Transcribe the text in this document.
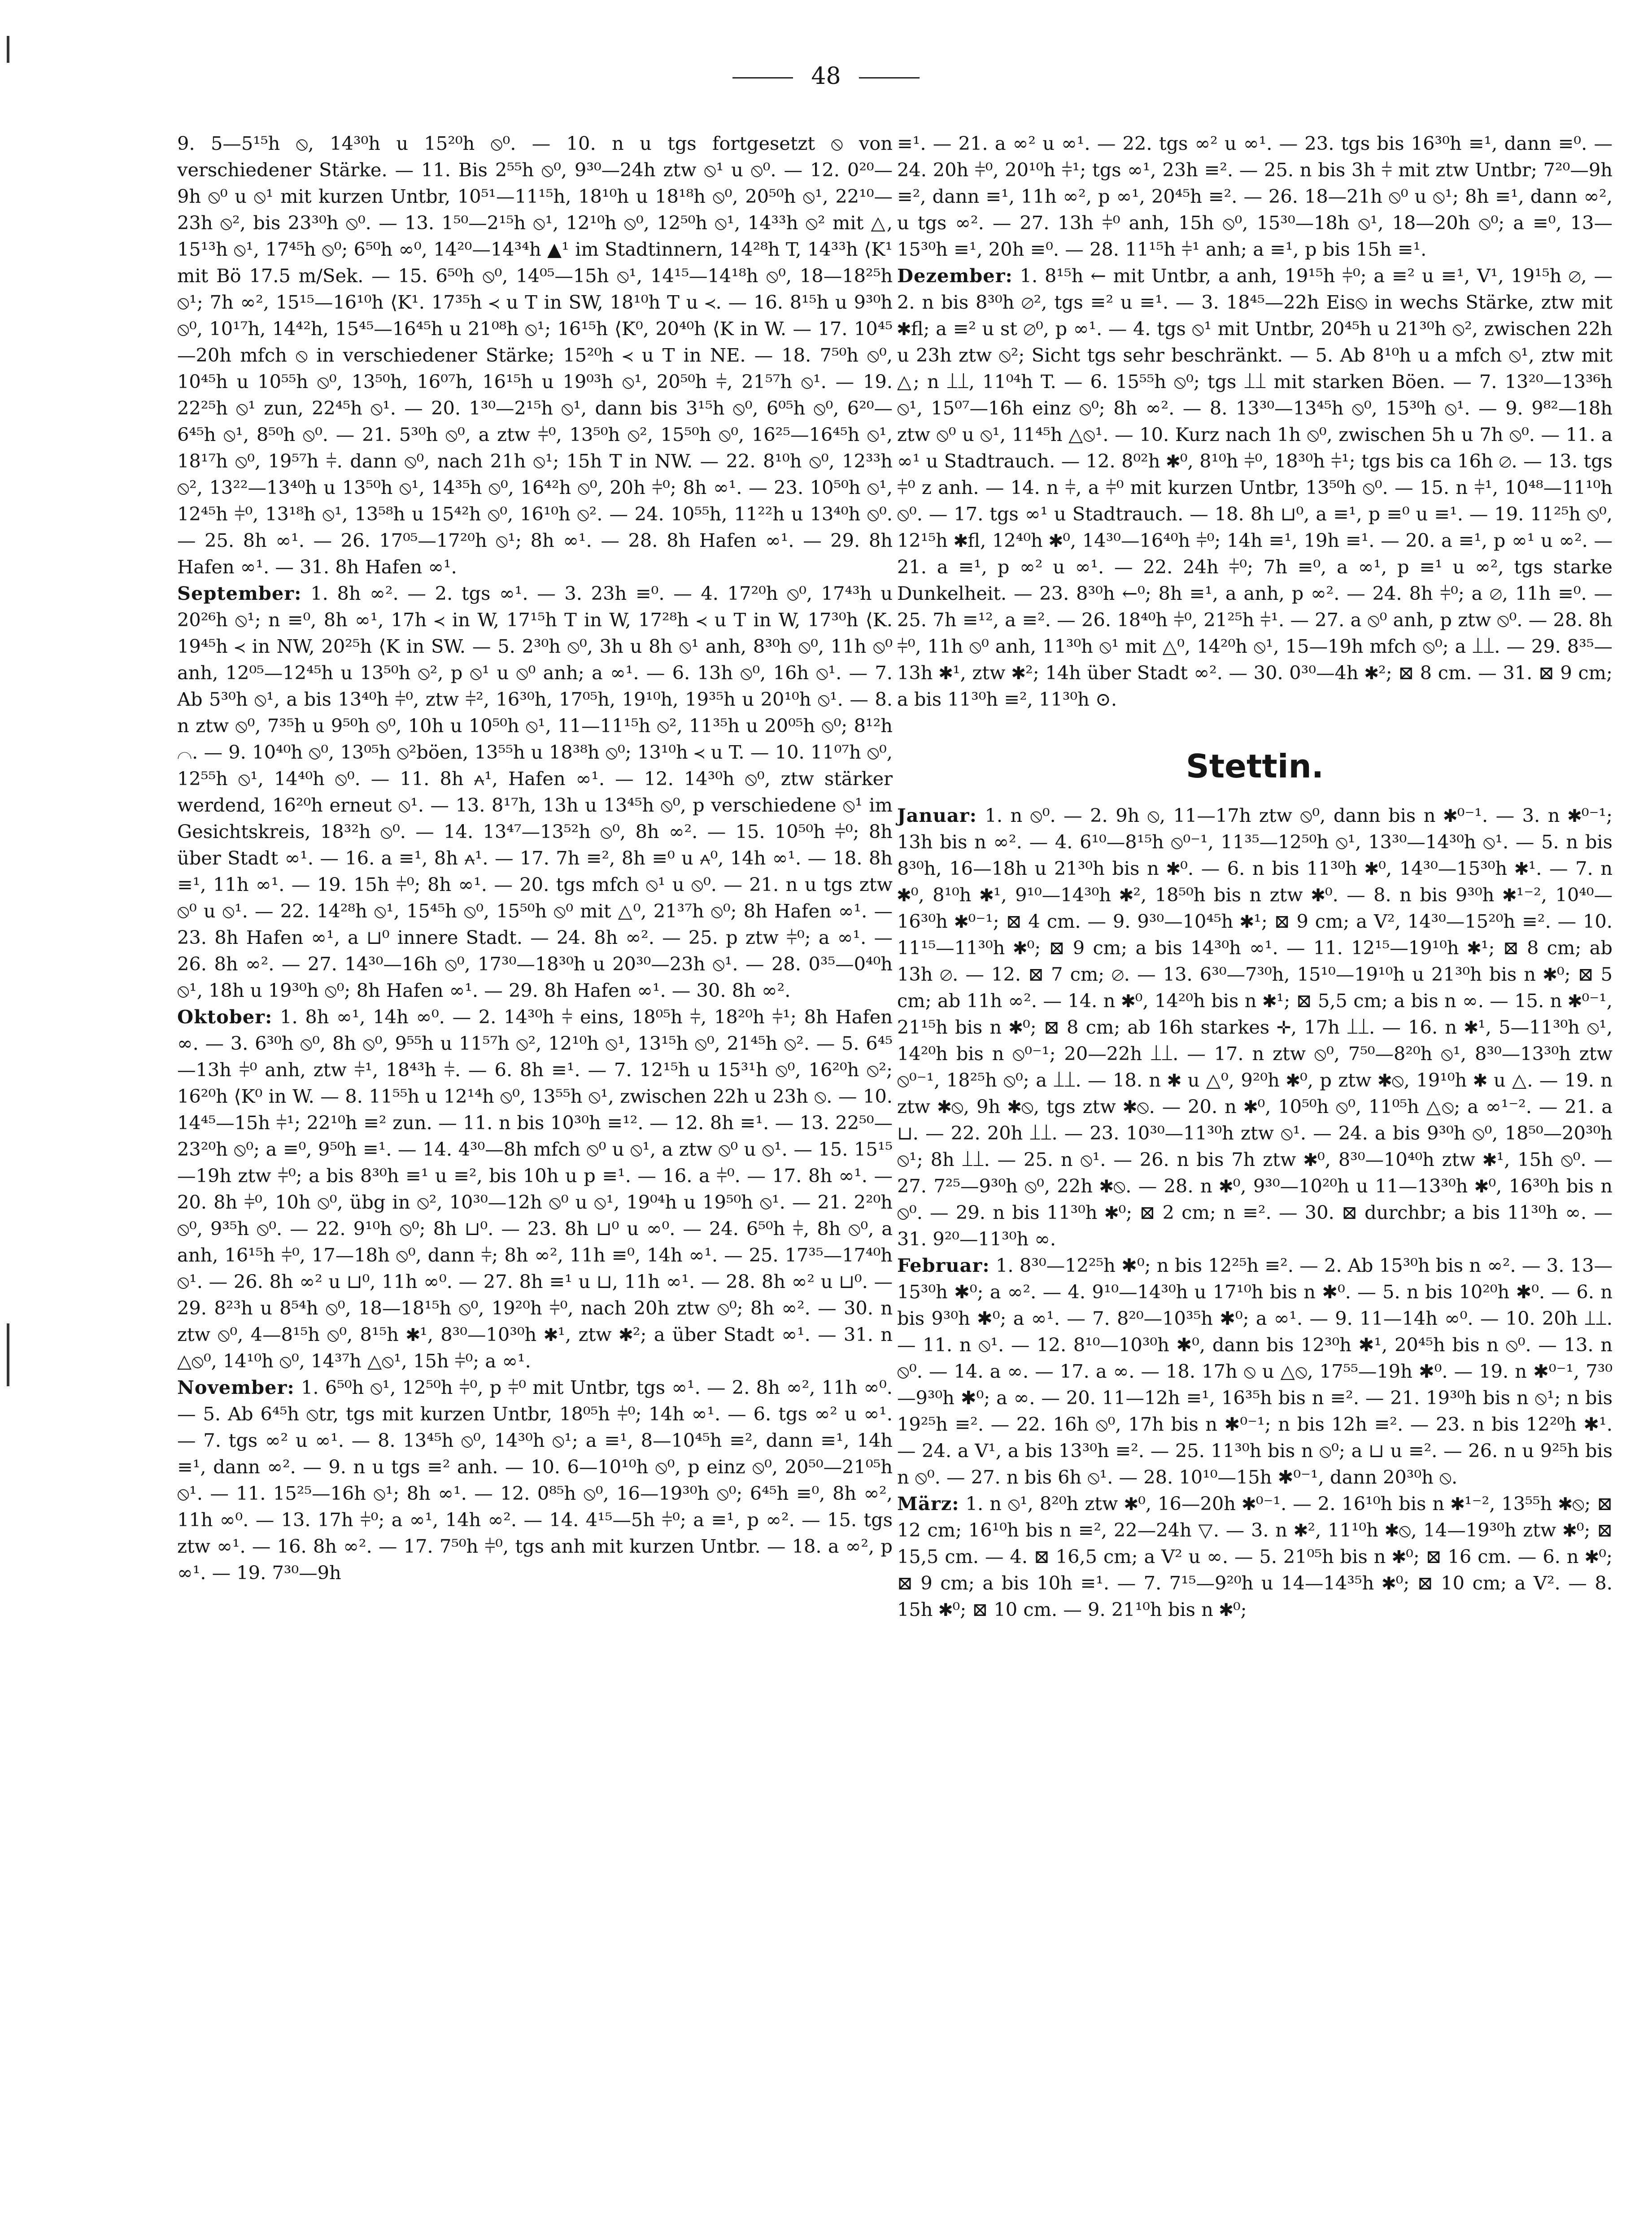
48

9. 5—5¹⁵h ⦸, 14³⁰h u 15²⁰h ⦸⁰. — 10. n u tgs fortgesetzt ⦸ von verschiedener Stärke. — 11. Bis 2⁵⁵h ⦸⁰, 9³⁰—24h ztw ⦸¹ u ⦸⁰. — 12. 0²⁰—9h ⦸⁰ u ⦸¹ mit kurzen Untbr, 10⁵¹—11¹⁵h, 18¹⁰h u 18¹⁸h ⦸⁰, 20⁵⁰h ⦸¹, 22¹⁰—23h ⦸², bis 23³⁰h ⦸⁰. — 13. 1⁵⁰—2¹⁵h ⦸¹, 12¹⁰h ⦸⁰, 12⁵⁰h ⦸¹, 14³³h ⦸² mit △, 15¹³h ⦸¹, 17⁴⁵h ⦸⁰; 6⁵⁰h ∞⁰, 14²⁰—14³⁴h ▲¹ im Stadtinnern, 14²⁸h T, 14³³h ⟨K¹ mit Bö 17.5 m/Sek. — 15. 6⁵⁰h ⦸⁰, 14⁰⁵—15h ⦸¹, 14¹⁵—14¹⁸h ⦸⁰, 18—18²⁵h ⦸¹; 7h ∞², 15¹⁵—16¹⁰h ⟨K¹. 17³⁵h ≺ u T in SW, 18¹⁰h T u ≺. — 16. 8¹⁵h u 9³⁰h ⦸⁰, 10¹⁷h, 14⁴²h, 15⁴⁵—16⁴⁵h u 21⁰⁸h ⦸¹; 16¹⁵h ⟨K⁰, 20⁴⁰h ⟨K in W. — 17. 10⁴⁵—20h mfch ⦸ in verschiedener Stärke; 15²⁰h ≺ u T in NE. — 18. 7⁵⁰h ⦸⁰, 10⁴⁵h u 10⁵⁵h ⦸⁰, 13⁵⁰h, 16⁰⁷h, 16¹⁵h u 19⁰³h ⦸¹, 20⁵⁰h ⫩, 21⁵⁷h ⦸¹. — 19. 22²⁵h ⦸¹ zun, 22⁴⁵h ⦸¹. — 20. 1³⁰—2¹⁵h ⦸¹, dann bis 3¹⁵h ⦸⁰, 6⁰⁵h ⦸⁰, 6²⁰—6⁴⁵h ⦸¹, 8⁵⁰h ⦸⁰. — 21. 5³⁰h ⦸⁰, a ztw ⫩⁰, 13⁵⁰h ⦸², 15⁵⁰h ⦸⁰, 16²⁵—16⁴⁵h ⦸¹, 18¹⁷h ⦸⁰, 19⁵⁷h ⫩. dann ⦸⁰, nach 21h ⦸¹; 15h T in NW. — 22. 8¹⁰h ⦸⁰, 12³³h ⦸², 13²²—13⁴⁰h u 13⁵⁰h ⦸¹, 14³⁵h ⦸⁰, 16⁴²h ⦸⁰, 20h ⫩⁰; 8h ∞¹. — 23. 10⁵⁰h ⦸¹, 12⁴⁵h ⫩⁰, 13¹⁸h ⦸¹, 13⁵⁸h u 15⁴²h ⦸⁰, 16¹⁰h ⦸². — 24. 10⁵⁵h, 11²²h u 13⁴⁰h ⦸⁰. — 25. 8h ∞¹. — 26. 17⁰⁵—17²⁰h ⦸¹; 8h ∞¹. — 28. 8h Hafen ∞¹. — 29. 8h Hafen ∞¹. — 31. 8h Hafen ∞¹.

September: 1. 8h ∞². — 2. tgs ∞¹. — 3. 23h ≡⁰. — 4. 17²⁰h ⦸⁰, 17⁴³h u 20²⁶h ⦸¹; n ≡⁰, 8h ∞¹, 17h ≺ in W, 17¹⁵h T in W, 17²⁸h ≺ u T in W, 17³⁰h ⟨K. 19⁴⁵h ≺ in NW, 20²⁵h ⟨K in SW. — 5. 2³⁰h ⦸⁰, 3h u 8h ⦸¹ anh, 8³⁰h ⦸⁰, 11h ⦸⁰ anh, 12⁰⁵—12⁴⁵h u 13⁵⁰h ⦸², p ⦸¹ u ⦸⁰ anh; a ∞¹. — 6. 13h ⦸⁰, 16h ⦸¹. — 7. Ab 5³⁰h ⦸¹, a bis 13⁴⁰h ⫩⁰, ztw ⫩², 16³⁰h, 17⁰⁵h, 19¹⁰h, 19³⁵h u 20¹⁰h ⦸¹. — 8. n ztw ⦸⁰, 7³⁵h u 9⁵⁰h ⦸⁰, 10h u 10⁵⁰h ⦸¹, 11—11¹⁵h ⦸², 11³⁵h u 20⁰⁵h ⦸⁰; 8¹²h ⌒. — 9. 10⁴⁰h ⦸⁰, 13⁰⁵h ⦸²böen, 13⁵⁵h u 18³⁸h ⦸⁰; 13¹⁰h ≺ u T. — 10. 11⁰⁷h ⦸⁰, 12⁵⁵h ⦸¹, 14⁴⁰h ⦸⁰. — 11. 8h ⩜¹, Hafen ∞¹. — 12. 14³⁰h ⦸⁰, ztw stärker werdend, 16²⁰h erneut ⦸¹. — 13. 8¹⁷h, 13h u 13⁴⁵h ⦸⁰, p verschiedene ⦸¹ im Gesichtskreis, 18³²h ⦸⁰. — 14. 13⁴⁷—13⁵²h ⦸⁰, 8h ∞². — 15. 10⁵⁰h ⫩⁰; 8h über Stadt ∞¹. — 16. a ≡¹, 8h ⩜¹. — 17. 7h ≡², 8h ≡⁰ u ⩜⁰, 14h ∞¹. — 18. 8h ≡¹, 11h ∞¹. — 19. 15h ⫩⁰; 8h ∞¹. — 20. tgs mfch ⦸¹ u ⦸⁰. — 21. n u tgs ztw ⦸⁰ u ⦸¹. — 22. 14²⁸h ⦸¹, 15⁴⁵h ⦸⁰, 15⁵⁰h ⦸⁰ mit △⁰, 21³⁷h ⦸⁰; 8h Hafen ∞¹. — 23. 8h Hafen ∞¹, a ⊔⁰ innere Stadt. — 24. 8h ∞². — 25. p ztw ⫩⁰; a ∞¹. — 26. 8h ∞². — 27. 14³⁰—16h ⦸⁰, 17³⁰—18³⁰h u 20³⁰—23h ⦸¹. — 28. 0³⁵—0⁴⁰h ⦸¹, 18h u 19³⁰h ⦸⁰; 8h Hafen ∞¹. — 29. 8h Hafen ∞¹. — 30. 8h ∞².

Oktober: 1. 8h ∞¹, 14h ∞⁰. — 2. 14³⁰h ⫩ eins, 18⁰⁵h ⫩, 18²⁰h ⫩¹; 8h Hafen ∞. — 3. 6³⁰h ⦸⁰, 8h ⦸⁰, 9⁵⁵h u 11⁵⁷h ⦸², 12¹⁰h ⦸¹, 13¹⁵h ⦸⁰, 21⁴⁵h ⦸². — 5. 6⁴⁵—13h ⫩⁰ anh, ztw ⫩¹, 18⁴³h ⫩. — 6. 8h ≡¹. — 7. 12¹⁵h u 15³¹h ⦸⁰, 16²⁰h ⦸²; 16²⁰h ⟨K⁰ in W. — 8. 11⁵⁵h u 12¹⁴h ⦸⁰, 13⁵⁵h ⦸¹, zwischen 22h u 23h ⦸. — 10. 14⁴⁵—15h ⫩¹; 22¹⁰h ≡² zun. — 11. n bis 10³⁰h ≡¹². — 12. 8h ≡¹. — 13. 22⁵⁰—23²⁰h ⦸⁰; a ≡⁰, 9⁵⁰h ≡¹. — 14. 4³⁰—8h mfch ⦸⁰ u ⦸¹, a ztw ⦸⁰ u ⦸¹. — 15. 15¹⁵—19h ztw ⫩⁰; a bis 8³⁰h ≡¹ u ≡², bis 10h u p ≡¹. — 16. a ⫩⁰. — 17. 8h ∞¹. — 20. 8h ⫩⁰, 10h ⦸⁰, übg in ⦸², 10³⁰—12h ⦸⁰ u ⦸¹, 19⁰⁴h u 19⁵⁰h ⦸¹. — 21. 2²⁰h ⦸⁰, 9³⁵h ⦸⁰. — 22. 9¹⁰h ⦸⁰; 8h ⊔⁰. — 23. 8h ⊔⁰ u ∞⁰. — 24. 6⁵⁰h ⫩, 8h ⦸⁰, a anh, 16¹⁵h ⫩⁰, 17—18h ⦸⁰, dann ⫩; 8h ∞², 11h ≡⁰, 14h ∞¹. — 25. 17³⁵—17⁴⁰h ⦸¹. — 26. 8h ∞² u ⊔⁰, 11h ∞⁰. — 27. 8h ≡¹ u ⊔, 11h ∞¹. — 28. 8h ∞² u ⊔⁰. — 29. 8²³h u 8⁵⁴h ⦸⁰, 18—18¹⁵h ⦸⁰, 19²⁰h ⫩⁰, nach 20h ztw ⦸⁰; 8h ∞². — 30. n ztw ⦸⁰, 4—8¹⁵h ⦸⁰, 8¹⁵h ✱¹, 8³⁰—10³⁰h ✱¹, ztw ✱²; a über Stadt ∞¹. — 31. n △⦸⁰, 14¹⁰h ⦸⁰, 14³⁷h △⦸¹, 15h ⫩⁰; a ∞¹.

November: 1. 6⁵⁰h ⦸¹, 12⁵⁰h ⫩⁰, p ⫩⁰ mit Untbr, tgs ∞¹. — 2. 8h ∞², 11h ∞⁰. — 5. Ab 6⁴⁵h ⦸tr, tgs mit kurzen Untbr, 18⁰⁵h ⫩⁰; 14h ∞¹. — 6. tgs ∞² u ∞¹. — 7. tgs ∞² u ∞¹. — 8. 13⁴⁵h ⦸⁰, 14³⁰h ⦸¹; a ≡¹, 8—10⁴⁵h ≡², dann ≡¹, 14h ≡¹, dann ∞². — 9. n u tgs ≡² anh. — 10. 6—10¹⁰h ⦸⁰, p einz ⦸⁰, 20⁵⁰—21⁰⁵h ⦸¹. — 11. 15²⁵—16h ⦸¹; 8h ∞¹. — 12. 0⁸⁵h ⦸⁰, 16—19³⁰h ⦸⁰; 6⁴⁵h ≡⁰, 8h ∞², 11h ∞⁰. — 13. 17h ⫩⁰; a ∞¹, 14h ∞². — 14. 4¹⁵—5h ⫩⁰; a ≡¹, p ∞². — 15. tgs ztw ∞¹. — 16. 8h ∞². — 17. 7⁵⁰h ⫩⁰, tgs anh mit kurzen Untbr. — 18. a ∞², p ∞¹. — 19. 7³⁰—9h

≡¹. — 21. a ∞² u ∞¹. — 22. tgs ∞² u ∞¹. — 23. tgs bis 16³⁰h ≡¹, dann ≡⁰. — 24. 20h ⫩⁰, 20¹⁰h ⫩¹; tgs ∞¹, 23h ≡². — 25. n bis 3h ⫩ mit ztw Untbr; 7²⁰—9h ≡², dann ≡¹, 11h ∞², p ∞¹, 20⁴⁵h ≡². — 26. 18—21h ⦸⁰ u ⦸¹; 8h ≡¹, dann ∞², u tgs ∞². — 27. 13h ⫩⁰ anh, 15h ⦸⁰, 15³⁰—18h ⦸¹, 18—20h ⦸⁰; a ≡⁰, 13—15³⁰h ≡¹, 20h ≡⁰. — 28. 11¹⁵h ⫩¹ anh; a ≡¹, p bis 15h ≡¹.

Dezember: 1. 8¹⁵h ← mit Untbr, a anh, 19¹⁵h ⫩⁰; a ≡² u ≡¹, V¹, 19¹⁵h ⌀, — 2. n bis 8³⁰h ⌀², tgs ≡² u ≡¹. — 3. 18⁴⁵—22h Eis⦸ in wechs Stärke, ztw mit ✱fl; a ≡² u st ⌀⁰, p ∞¹. — 4. tgs ⦸¹ mit Untbr, 20⁴⁵h u 21³⁰h ⦸², zwischen 22h u 23h ztw ⦸²; Sicht tgs sehr beschränkt. — 5. Ab 8¹⁰h u a mfch ⦸¹, ztw mit △; n ⟘⟘, 11⁰⁴h T. — 6. 15⁵⁵h ⦸⁰; tgs ⟘⟘ mit starken Böen. — 7. 13²⁰—13³⁶h ⦸¹, 15⁰⁷—16h einz ⦸⁰; 8h ∞². — 8. 13³⁰—13⁴⁵h ⦸⁰, 15³⁰h ⦸¹. — 9. 9⁸²—18h ztw ⦸⁰ u ⦸¹, 11⁴⁵h △⦸¹. — 10. Kurz nach 1h ⦸⁰, zwischen 5h u 7h ⦸⁰. — 11. a ∞¹ u Stadtrauch. — 12. 8⁰²h ✱⁰, 8¹⁰h ⫩⁰, 18³⁰h ⫩¹; tgs bis ca 16h ⌀. — 13. tgs ⫩⁰ z anh. — 14. n ⫩, a ⫩⁰ mit kurzen Untbr, 13⁵⁰h ⦸⁰. — 15. n ⫩¹, 10⁴⁸—11¹⁰h ⦸⁰. — 17. tgs ∞¹ u Stadtrauch. — 18. 8h ⊔⁰, a ≡¹, p ≡⁰ u ≡¹. — 19. 11²⁵h ⦸⁰, 12¹⁵h ✱fl, 12⁴⁰h ✱⁰, 14³⁰—16⁴⁰h ⫩⁰; 14h ≡¹, 19h ≡¹. — 20. a ≡¹, p ∞¹ u ∞². — 21. a ≡¹, p ∞² u ∞¹. — 22. 24h ⫩⁰; 7h ≡⁰, a ∞¹, p ≡¹ u ∞², tgs starke Dunkelheit. — 23. 8³⁰h ←⁰; 8h ≡¹, a anh, p ∞². — 24. 8h ⫩⁰; a ⌀, 11h ≡⁰. — 25. 7h ≡¹², a ≡². — 26. 18⁴⁰h ⫩⁰, 21²⁵h ⫩¹. — 27. a ⦸⁰ anh, p ztw ⦸⁰. — 28. 8h ⫩⁰, 11h ⦸⁰ anh, 11³⁰h ⦸¹ mit △⁰, 14²⁰h ⦸¹, 15—19h mfch ⦸⁰; a ⟘⟘. — 29. 8³⁵—13h ✱¹, ztw ✱²; 14h über Stadt ∞². — 30. 0³⁰—4h ✱²; ⊠ 8 cm. — 31. ⊠ 9 cm; a bis 11³⁰h ≡², 11³⁰h ⊙.

Stettin.

Januar: 1. n ⦸⁰. — 2. 9h ⦸, 11—17h ztw ⦸⁰, dann bis n ✱⁰⁻¹. — 3. n ✱⁰⁻¹; 13h bis n ∞². — 4. 6¹⁰—8¹⁵h ⦸⁰⁻¹, 11³⁵—12⁵⁰h ⦸¹, 13³⁰—14³⁰h ⦸¹. — 5. n bis 8³⁰h, 16—18h u 21³⁰h bis n ✱⁰. — 6. n bis 11³⁰h ✱⁰, 14³⁰—15³⁰h ✱¹. — 7. n ✱⁰, 8¹⁰h ✱¹, 9¹⁰—14³⁰h ✱², 18⁵⁰h bis n ztw ✱⁰. — 8. n bis 9³⁰h ✱¹⁻², 10⁴⁰—16³⁰h ✱⁰⁻¹; ⊠ 4 cm. — 9. 9³⁰—10⁴⁵h ✱¹; ⊠ 9 cm; a V², 14³⁰—15²⁰h ≡². — 10. 11¹⁵—11³⁰h ✱⁰; ⊠ 9 cm; a bis 14³⁰h ∞¹. — 11. 12¹⁵—19¹⁰h ✱¹; ⊠ 8 cm; ab 13h ⌀. — 12. ⊠ 7 cm; ⌀. — 13. 6³⁰—7³⁰h, 15¹⁰—19¹⁰h u 21³⁰h bis n ✱⁰; ⊠ 5 cm; ab 11h ∞². — 14. n ✱⁰, 14²⁰h bis n ✱¹; ⊠ 5,5 cm; a bis n ∞. — 15. n ✱⁰⁻¹, 21¹⁵h bis n ✱⁰; ⊠ 8 cm; ab 16h starkes ✛, 17h ⟘⟘. — 16. n ✱¹, 5—11³⁰h ⦸¹, 14²⁰h bis n ⦸⁰⁻¹; 20—22h ⟘⟘. — 17. n ztw ⦸⁰, 7⁵⁰—8²⁰h ⦸¹, 8³⁰—13³⁰h ztw ⦸⁰⁻¹, 18²⁵h ⦸⁰; a ⟘⟘. — 18. n ✱ u △⁰, 9²⁰h ✱⁰, p ztw ✱⦸, 19¹⁰h ✱ u △. — 19. n ztw ✱⦸, 9h ✱⦸, tgs ztw ✱⦸. — 20. n ✱⁰, 10⁵⁰h ⦸⁰, 11⁰⁵h △⦸; a ∞¹⁻². — 21. a ⊔. — 22. 20h ⟘⟘. — 23. 10³⁰—11³⁰h ztw ⦸¹. — 24. a bis 9³⁰h ⦸⁰, 18⁵⁰—20³⁰h ⦸¹; 8h ⟘⟘. — 25. n ⦸¹. — 26. n bis 7h ztw ✱⁰, 8³⁰—10⁴⁰h ztw ✱¹, 15h ⦸⁰. — 27. 7²⁵—9³⁰h ⦸⁰, 22h ✱⦸. — 28. n ✱⁰, 9³⁰—10²⁰h u 11—13³⁰h ✱⁰, 16³⁰h bis n ⦸⁰. — 29. n bis 11³⁰h ✱⁰; ⊠ 2 cm; n ≡². — 30. ⊠ durchbr; a bis 11³⁰h ∞. — 31. 9²⁰—11³⁰h ∞.

Februar: 1. 8³⁰—12²⁵h ✱⁰; n bis 12²⁵h ≡². — 2. Ab 15³⁰h bis n ∞². — 3. 13—15³⁰h ✱⁰; a ∞². — 4. 9¹⁰—14³⁰h u 17¹⁰h bis n ✱⁰. — 5. n bis 10²⁰h ✱⁰. — 6. n bis 9³⁰h ✱⁰; a ∞¹. — 7. 8²⁰—10³⁵h ✱⁰; a ∞¹. — 9. 11—14h ∞⁰. — 10. 20h ⟘⟘. — 11. n ⦸¹. — 12. 8¹⁰—10³⁰h ✱⁰, dann bis 12³⁰h ✱¹, 20⁴⁵h bis n ⦸⁰. — 13. n ⦸⁰. — 14. a ∞. — 17. a ∞. — 18. 17h ⦸ u △⦸, 17⁵⁵—19h ✱⁰. — 19. n ✱⁰⁻¹, 7³⁰—9³⁰h ✱⁰; a ∞. — 20. 11—12h ≡¹, 16³⁵h bis n ≡². — 21. 19³⁰h bis n ⦸¹; n bis 19²⁵h ≡². — 22. 16h ⦸⁰, 17h bis n ✱⁰⁻¹; n bis 12h ≡². — 23. n bis 12²⁰h ✱¹. — 24. a V¹, a bis 13³⁰h ≡². — 25. 11³⁰h bis n ⦸⁰; a ⊔ u ≡². — 26. n u 9²⁵h bis n ⦸⁰. — 27. n bis 6h ⦸¹. — 28. 10¹⁰—15h ✱⁰⁻¹, dann 20³⁰h ⦸.

März: 1. n ⦸¹, 8²⁰h ztw ✱⁰, 16—20h ✱⁰⁻¹. — 2. 16¹⁰h bis n ✱¹⁻², 13⁵⁵h ✱⦸; ⊠ 12 cm; 16¹⁰h bis n ≡², 22—24h ▽. — 3. n ✱², 11¹⁰h ✱⦸, 14—19³⁰h ztw ✱⁰; ⊠ 15,5 cm. — 4. ⊠ 16,5 cm; a V² u ∞. — 5. 21⁰⁵h bis n ✱⁰; ⊠ 16 cm. — 6. n ✱⁰; ⊠ 9 cm; a bis 10h ≡¹. — 7. 7¹⁵—9²⁰h u 14—14³⁵h ✱⁰; ⊠ 10 cm; a V². — 8. 15h ✱⁰; ⊠ 10 cm. — 9. 21¹⁰h bis n ✱⁰;
